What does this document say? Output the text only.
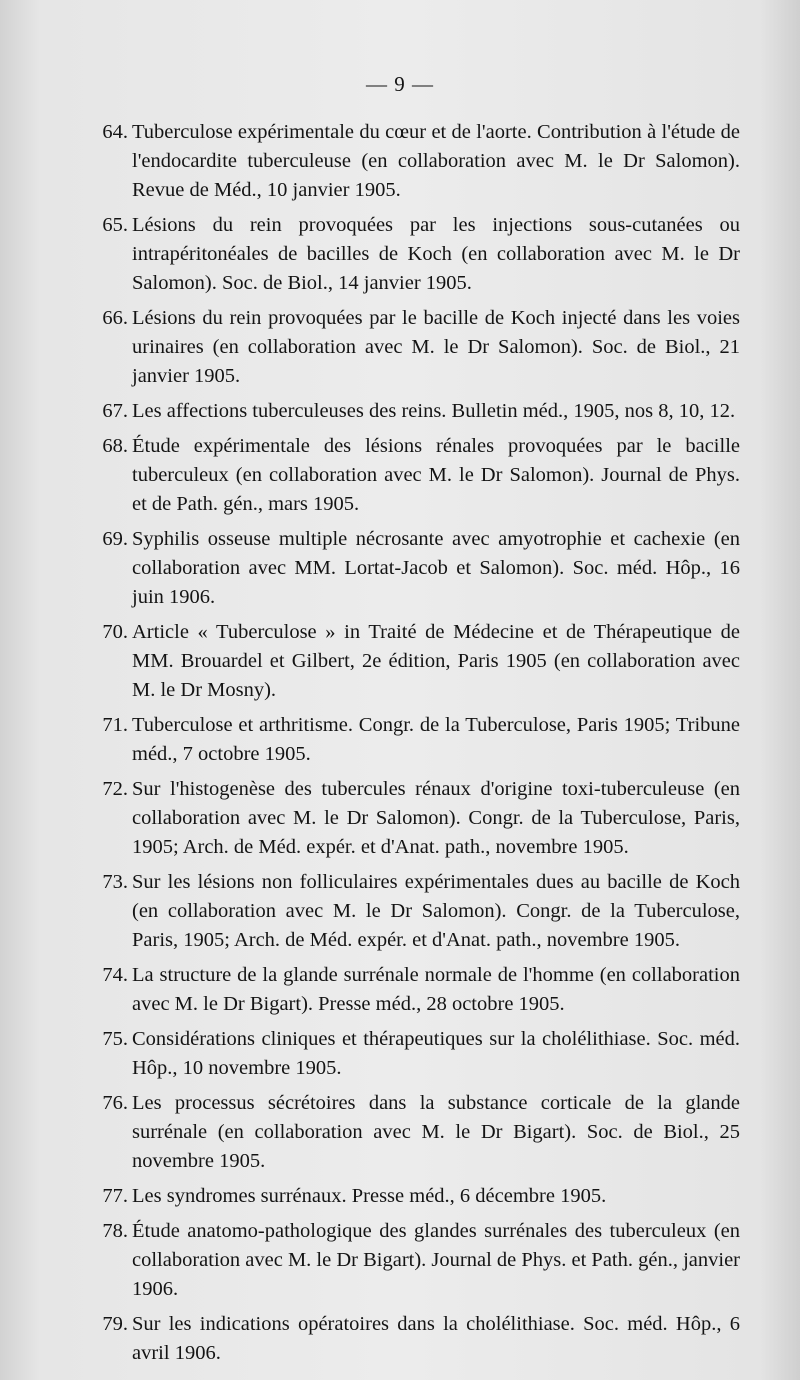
— 9 —
64. Tuberculose expérimentale du cœur et de l'aorte. Contribution à l'étude de l'endocardite tuberculeuse (en collaboration avec M. le Dr Salomon). Revue de Méd., 10 janvier 1905.
65. Lésions du rein provoquées par les injections sous-cutanées ou intrapéritonéales de bacilles de Koch (en collaboration avec M. le Dr Salomon). Soc. de Biol., 14 janvier 1905.
66. Lésions du rein provoquées par le bacille de Koch injecté dans les voies urinaires (en collaboration avec M. le Dr Salomon). Soc. de Biol., 21 janvier 1905.
67. Les affections tuberculeuses des reins. Bulletin méd., 1905, nos 8, 10, 12.
68. Étude expérimentale des lésions rénales provoquées par le bacille tuberculeux (en collaboration avec M. le Dr Salomon). Journal de Phys. et de Path. gén., mars 1905.
69. Syphilis osseuse multiple nécrosante avec amyotrophie et cachexie (en collaboration avec MM. Lortat-Jacob et Salomon). Soc. méd. Hôp., 16 juin 1906.
70. Article « Tuberculose » in Traité de Médecine et de Thérapeutique de MM. Brouardel et Gilbert, 2e édition, Paris 1905 (en collaboration avec M. le Dr Mosny).
71. Tuberculose et arthritisme. Congr. de la Tuberculose, Paris 1905; Tribune méd., 7 octobre 1905.
72. Sur l'histogenèse des tubercules rénaux d'origine toxi-tuberculeuse (en collaboration avec M. le Dr Salomon). Congr. de la Tuberculose, Paris, 1905; Arch. de Méd. expér. et d'Anat. path., novembre 1905.
73. Sur les lésions non folliculaires expérimentales dues au bacille de Koch (en collaboration avec M. le Dr Salomon). Congr. de la Tuberculose, Paris, 1905; Arch. de Méd. expér. et d'Anat. path., novembre 1905.
74. La structure de la glande surrénale normale de l'homme (en collaboration avec M. le Dr Bigart). Presse méd., 28 octobre 1905.
75. Considérations cliniques et thérapeutiques sur la cholélithiase. Soc. méd. Hôp., 10 novembre 1905.
76. Les processus sécrétoires dans la substance corticale de la glande surrénale (en collaboration avec M. le Dr Bigart). Soc. de Biol., 25 novembre 1905.
77. Les syndromes surrénaux. Presse méd., 6 décembre 1905.
78. Étude anatomo-pathologique des glandes surrénales des tuberculeux (en collaboration avec M. le Dr Bigart). Journal de Phys. et Path. gén., janvier 1906.
79. Sur les indications opératoires dans la cholélithiase. Soc. méd. Hôp., 6 avril 1906.
